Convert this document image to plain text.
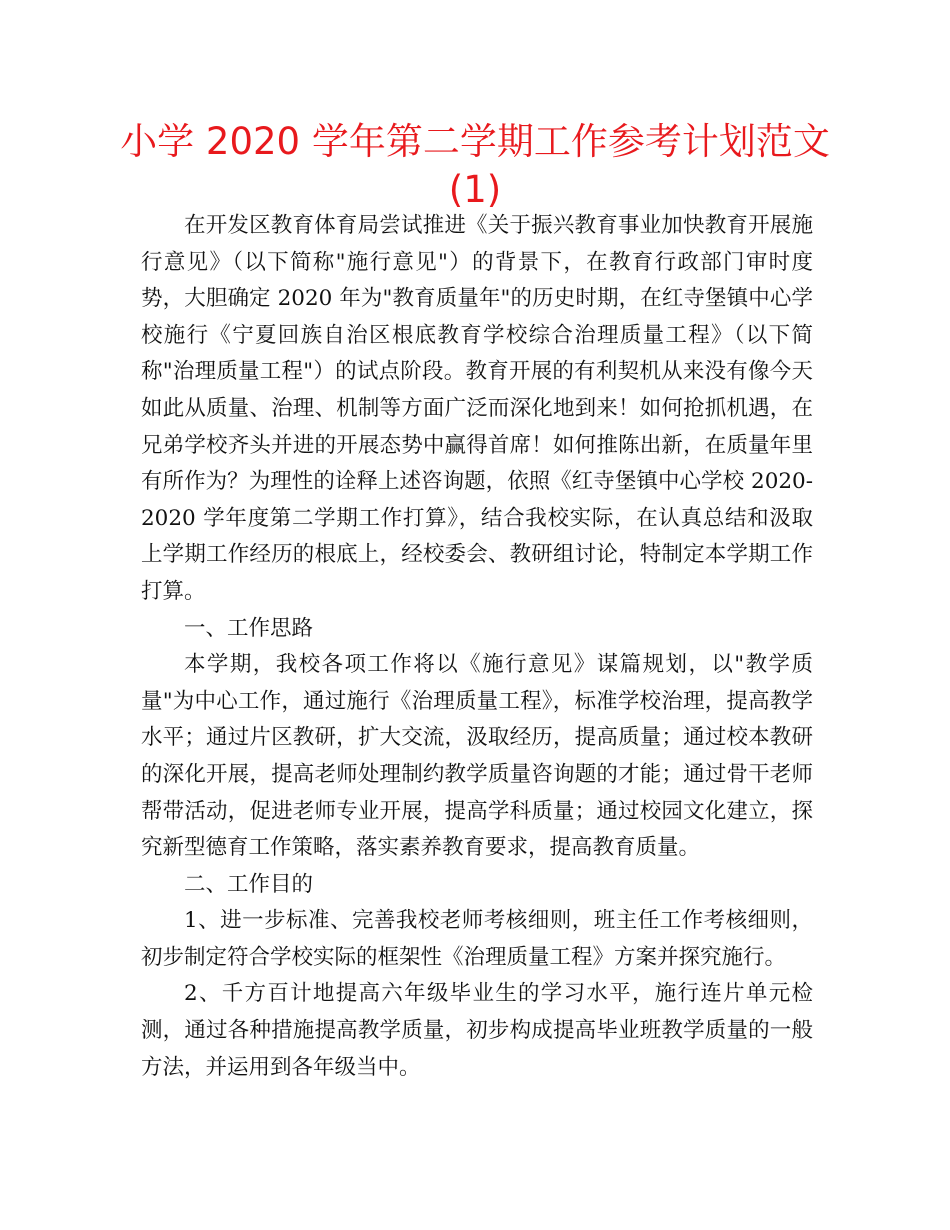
小学 2020 学年第二学期工作参考计划范文 (1)

在开发区教育体育局尝试推进《关于振兴教育事业加快教育开展施行意见》（以下简称"施行意见"）的背景下，在教育行政部门审时度势，大胆确定 2020 年为"教育质量年"的历史时期，在红寺堡镇中心学校施行《宁夏回族自治区根底教育学校综合治理质量工程》（以下简称"治理质量工程"）的试点阶段。教育开展的有利契机从来没有像今天如此从质量、治理、机制等方面广泛而深化地到来！如何抢抓机遇，在兄弟学校齐头并进的开展态势中赢得首席！如何推陈出新，在质量年里有所作为？为理性的诠释上述咨询题，依照《红寺堡镇中心学校 2020-2020 学年度第二学期工作打算》，结合我校实际，在认真总结和汲取上学期工作经历的根底上，经校委会、教研组讨论，特制定本学期工作打算。

一、工作思路

本学期，我校各项工作将以《施行意见》谋篇规划，以"教学质量"为中心工作，通过施行《治理质量工程》，标准学校治理，提高教学水平；通过片区教研，扩大交流，汲取经历，提高质量；通过校本教研的深化开展，提高老师处理制约教学质量咨询题的才能；通过骨干老师帮带活动，促进老师专业开展，提高学科质量；通过校园文化建立，探究新型德育工作策略，落实素养教育要求，提高教育质量。

二、工作目的

1、进一步标准、完善我校老师考核细则，班主任工作考核细则，初步制定符合学校实际的框架性《治理质量工程》方案并探究施行。

2、千方百计地提高六年级毕业生的学习水平，施行连片单元检测，通过各种措施提高教学质量，初步构成提高毕业班教学质量的一般方法，并运用到各年级当中。
